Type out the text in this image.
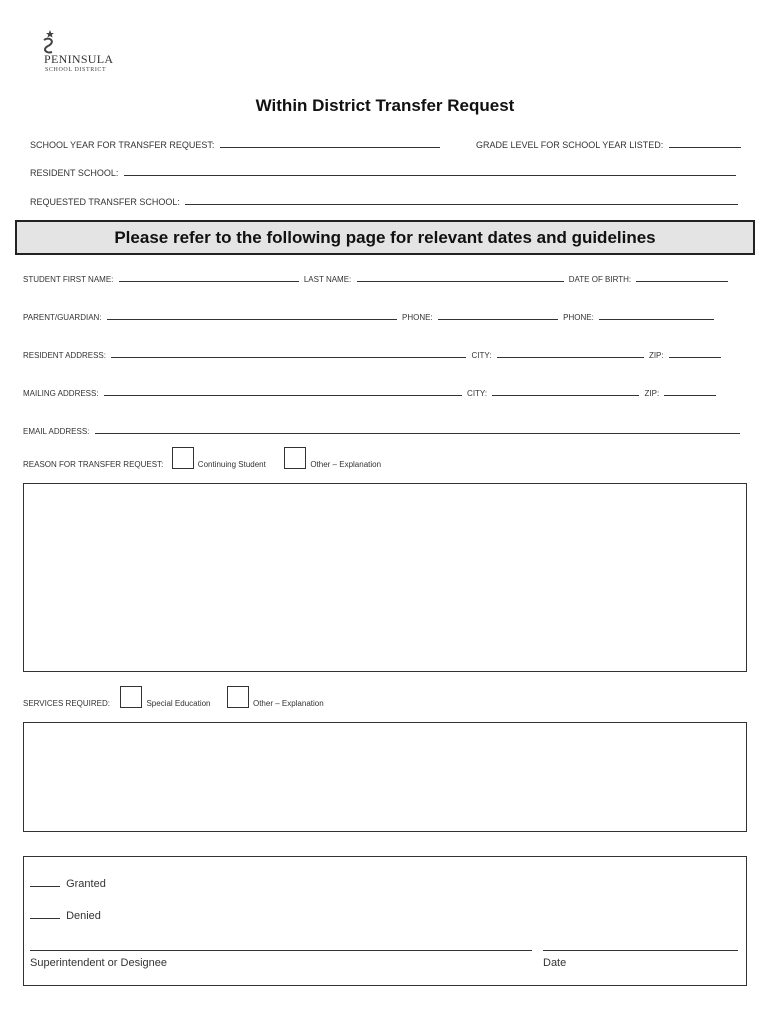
PENINSULA
SCHOOL DISTRICT
Within District Transfer Request
SCHOOL YEAR FOR TRANSFER REQUEST:	GRADE LEVEL FOR SCHOOL YEAR LISTED:
RESIDENT SCHOOL:
REQUESTED TRANSFER SCHOOL:
Please refer to the following page for relevant dates and guidelines
STUDENT FIRST NAME:	LAST NAME:	DATE OF BIRTH:
PARENT/GUARDIAN:	PHONE:	PHONE:
RESIDENT ADDRESS:	CITY:	ZIP:
MAILING ADDRESS:	CITY:	ZIP:
EMAIL ADDRESS:
REASON FOR TRANSFER REQUEST:	Continuing Student	Other – Explanation
SERVICES REQUIRED:	Special Education	Other – Explanation
Granted
Denied
Superintendent or Designee	Date
